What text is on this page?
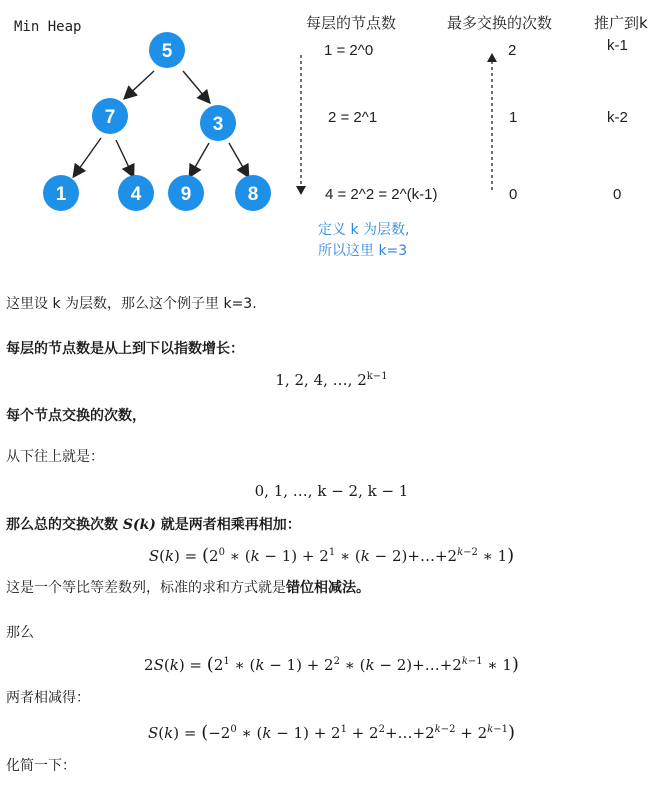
Min Heap
5
7	3
1	4 9	8
每层的节点数	最多交换的次数	推广到k
1 = 2^0	2	k-1
2 = 2^1	1	k-2
4 = 2^2 = 2^(k-1)	0	0
定义 k 为层数,
所以这里 k=3

这里设 k 为层数，那么这个例子里 k=3.

每层的节点数是从上到下以指数增长：

1, 2, 4, …, $2^{k-1}$

每个节点交换的次数，

从下往上就是：

0, 1, …, k − 2, k − 1

那么总的交换次数 S(k) 就是两者相乘再相加：

$S(k) = (2^0$ ∗ $(k - 1) + 2^1$ ∗ $(k - 2)+\dots+2^{k-2}$ ∗ 1)

这是一个等比等差数列，标准的求和方式就是错位相减法。

那么

$2S(k) = (2^1$ ∗ $(k - 1) + 2^2$ ∗ $(k - 2)+\dots+2^{k-1}$ ∗ 1)

两者相减得：

$S(k) = (-2^0$ ∗ $(k - 1) + 2^1$ + $2^2+\dots+2^{k-2} + 2^{k-1}$)

化简一下：
